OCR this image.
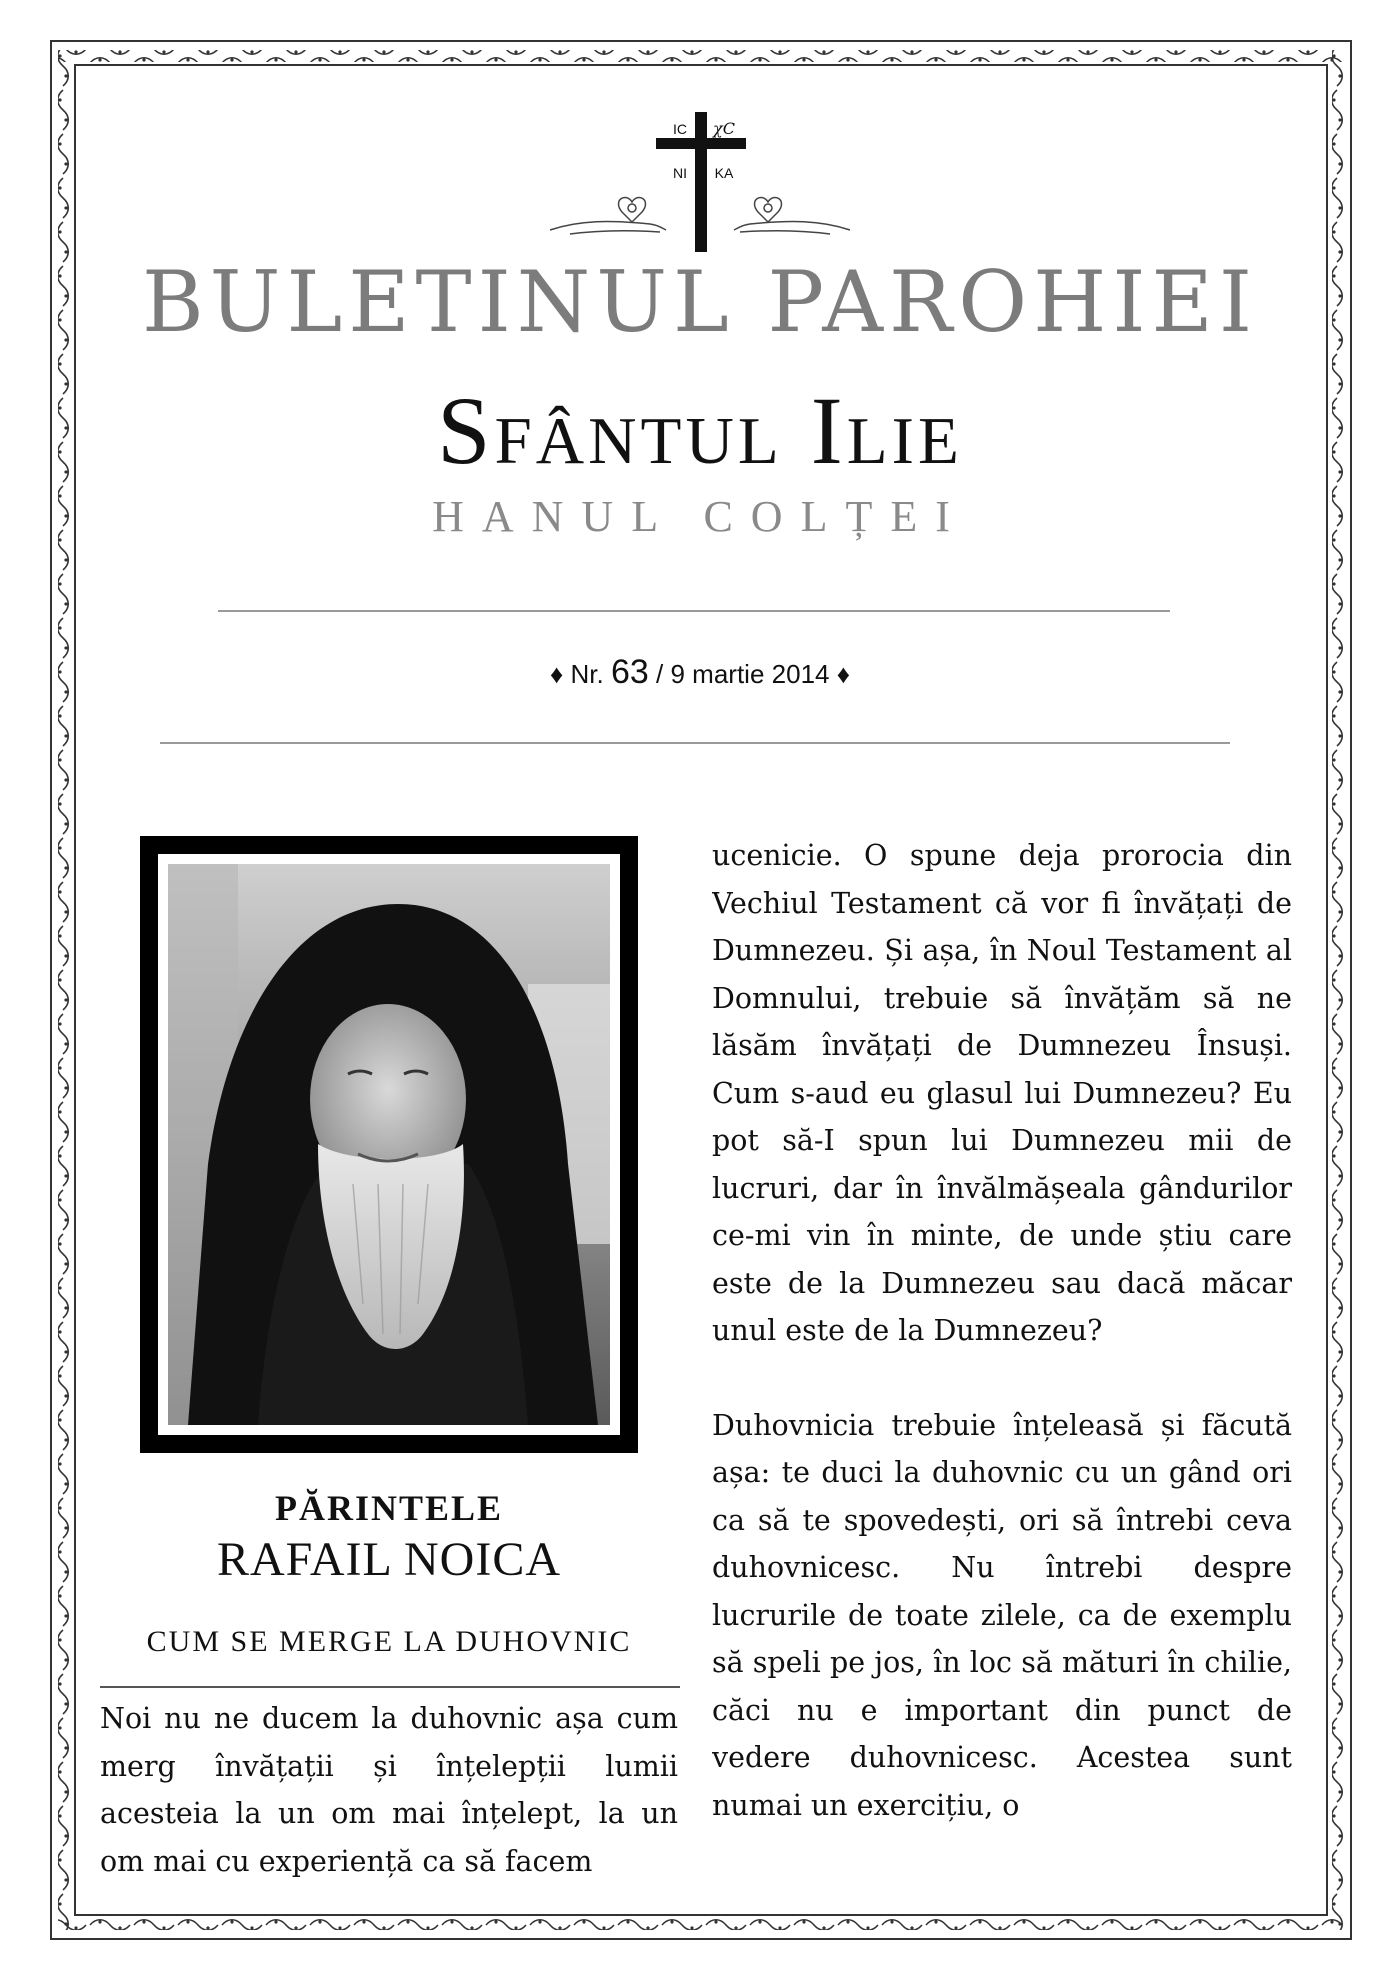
IC χC
NI KA
BULETINUL PAROHIEI
Sfântul Ilie
HANUL COLȚEI
♦ Nr. 63 / 9 martie 2014 ♦
PĂRINTELE
RAFAIL NOICA
CUM SE MERGE LA DUHOVNIC

Noi nu ne ducem la duhovnic așa cum merg învățații și înțelepții lumii acesteia la un om mai înțelept, la un om mai cu experiență ca să facem

ucenicie. O spune deja prorocia din Vechiul Testament că vor fi învățați de Dumnezeu. Și așa, în Noul Testament al Domnului, trebuie să învățăm să ne lăsăm învățați de Dumnezeu Însuși. Cum s-aud eu glasul lui Dumnezeu? Eu pot să-I spun lui Dumnezeu mii de lucruri, dar în învălmășeala gândurilor ce-mi vin în minte, de unde știu care este de la Dumnezeu sau dacă măcar unul este de la Dumnezeu?

Duhovnicia trebuie înțeleasă și făcută așa: te duci la duhovnic cu un gând ori ca să te spovedești, ori să întrebi ceva duhovnicesc. Nu întrebi despre lucrurile de toate zilele, ca de exemplu să speli pe jos, în loc să mături în chilie, căci nu e important din punct de vedere duhovnicesc. Acestea sunt numai un exercițiu, o
